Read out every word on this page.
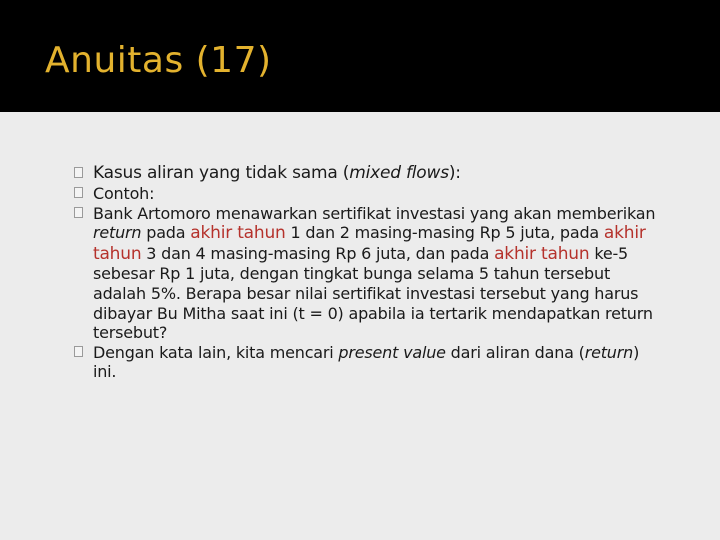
Anuitas (17)
Kasus aliran yang tidak sama (mixed flows):
Contoh:
Bank Artomoro menawarkan sertifikat investasi yang akan memberikan return pada akhir tahun 1 dan 2 masing-masing Rp 5 juta, pada akhir tahun 3 dan 4 masing-masing Rp 6 juta, dan pada akhir tahun ke-5 sebesar Rp 1 juta, dengan tingkat bunga selama 5 tahun tersebut adalah 5%. Berapa besar nilai sertifikat investasi tersebut yang harus dibayar Bu Mitha saat ini (t = 0) apabila ia tertarik mendapatkan return tersebut?
Dengan kata lain, kita mencari present value dari aliran dana (return) ini.
